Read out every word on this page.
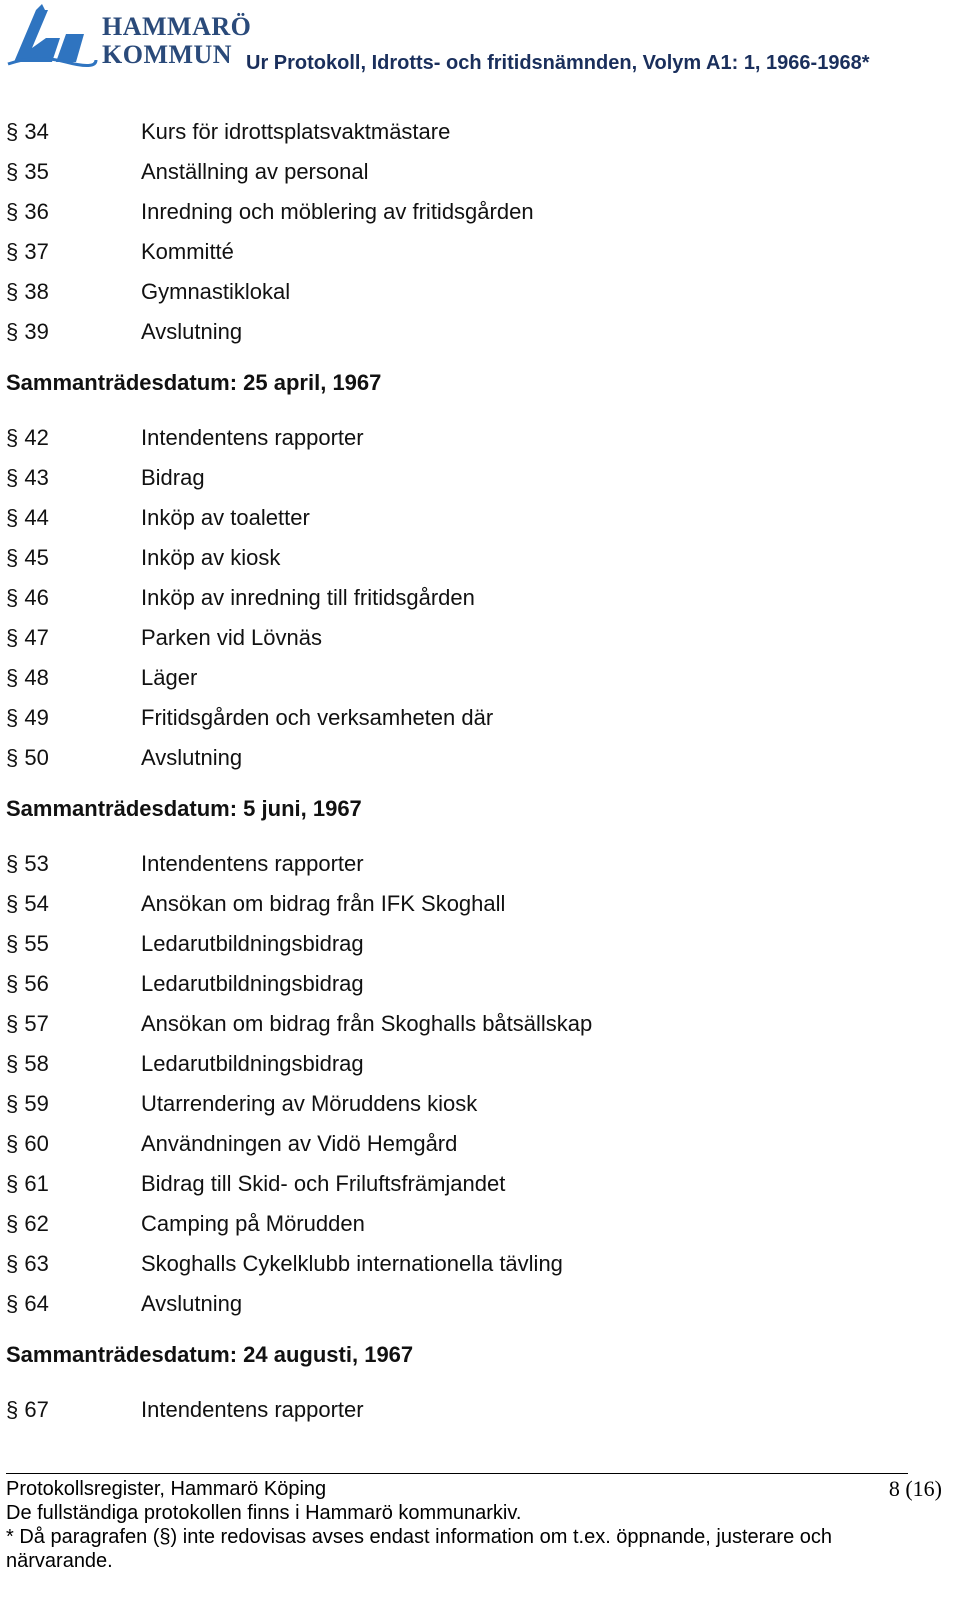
HAMMARÖ
KOMMUN Ur Protokoll, Idrotts- och fritidsnämnden, Volym A1: 1, 1966-1968*
§ 34	Kurs för idrottsplatsvaktmästare
§ 35	Anställning av personal
§ 36	Inredning och möblering av fritidsgården
§ 37	Kommitté
§ 38	Gymnastiklokal
§ 39	Avslutning
Sammanträdesdatum: 25 april, 1967
§ 42	Intendentens rapporter
§ 43	Bidrag
§ 44	Inköp av toaletter
§ 45	Inköp av kiosk
§ 46	Inköp av inredning till fritidsgården
§ 47	Parken vid Lövnäs
§ 48	Läger
§ 49	Fritidsgården och verksamheten där
§ 50	Avslutning
Sammanträdesdatum: 5 juni, 1967
§ 53	Intendentens rapporter
§ 54	Ansökan om bidrag från IFK Skoghall
§ 55	Ledarutbildningsbidrag
§ 56	Ledarutbildningsbidrag
§ 57	Ansökan om bidrag från Skoghalls båtsällskap
§ 58	Ledarutbildningsbidrag
§ 59	Utarrendering av Möruddens kiosk
§ 60	Användningen av Vidö Hemgård
§ 61	Bidrag till Skid- och Friluftsfrämjandet
§ 62	Camping på Mörudden
§ 63	Skoghalls Cykelklubb internationella tävling
§ 64	Avslutning
Sammanträdesdatum: 24 augusti, 1967
§ 67	Intendentens rapporter
Protokollsregister, Hammarö Köping	8 (16)
De fullständiga protokollen finns i Hammarö kommunarkiv.
* Då paragrafen (§) inte redovisas avses endast information om t.ex. öppnande, justerare och
närvarande.
